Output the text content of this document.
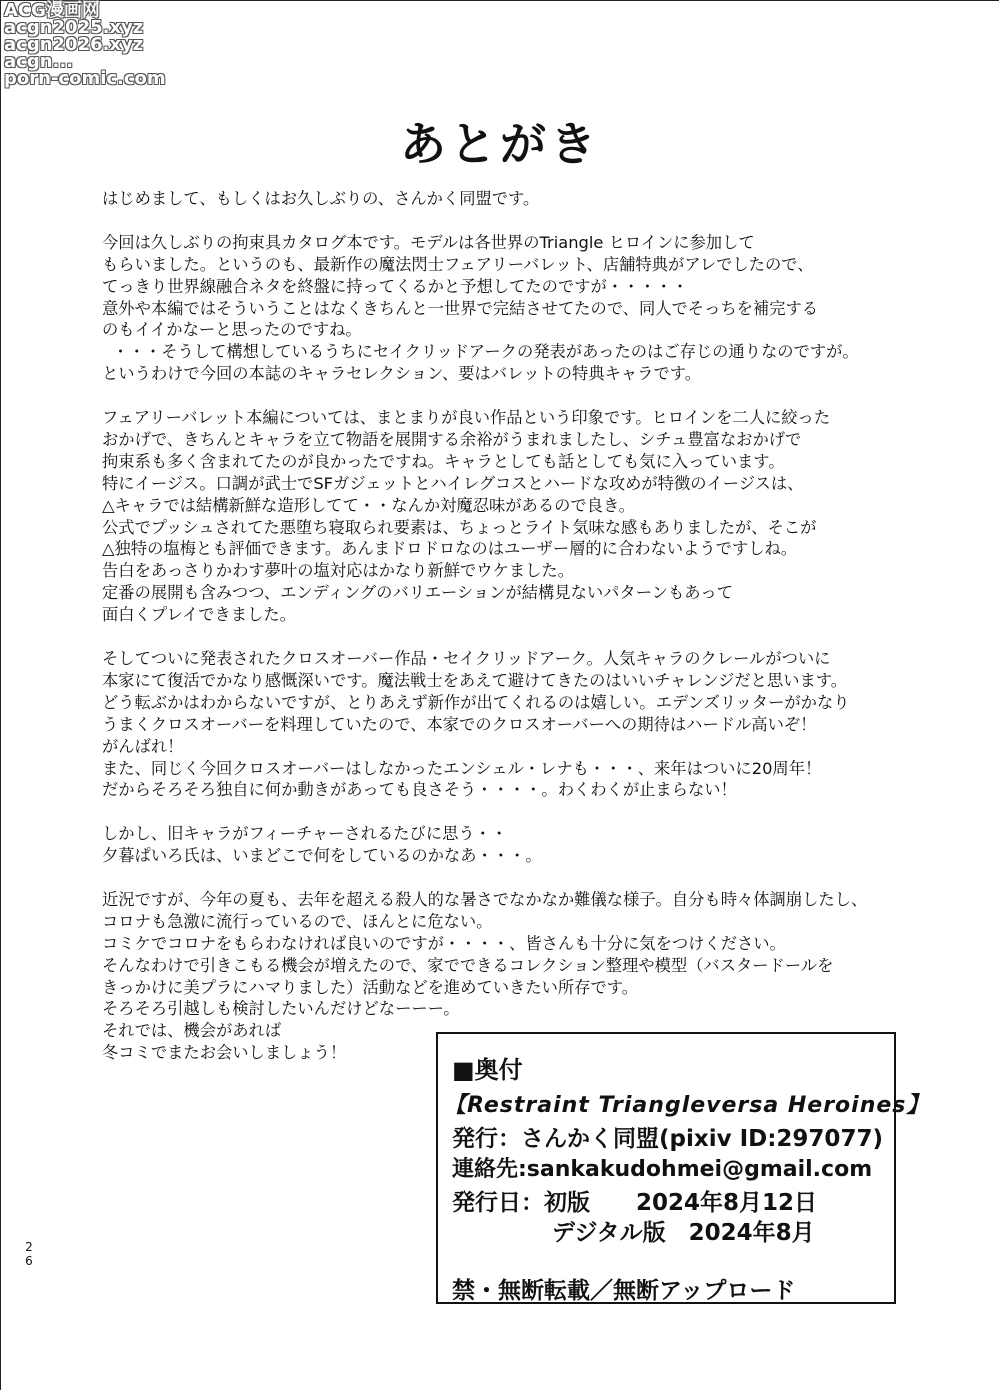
ACG漫画网
acgn2025.xyz
acgn2026.xyz
acgn...
porn-comic.com
あとがき
はじめまして、もしくはお久しぶりの、さんかく同盟です。
今回は久しぶりの拘束具カタログ本です。モデルは各世界のTriangle ヒロインに参加して
もらいました。というのも、最新作の魔法閃士フェアリーバレット、店舗特典がアレでしたので、
てっきり世界線融合ネタを終盤に持ってくるかと予想してたのですが・・・・・
意外や本編ではそういうことはなくきちんと一世界で完結させてたので、同人でそっちを補完する
のもイイかなーと思ったのですね。
・・・そうして構想しているうちにセイクリッドアークの発表があったのはご存じの通りなのですが。
というわけで今回の本誌のキャラセレクション、要はバレットの特典キャラです。
フェアリーバレット本編については、まとまりが良い作品という印象です。ヒロインを二人に絞った
おかげで、きちんとキャラを立て物語を展開する余裕がうまれましたし、シチュ豊富なおかげで
拘束系も多く含まれてたのが良かったですね。キャラとしても話としても気に入っています。
特にイージス。口調が武士でSFガジェットとハイレグコスとハードな攻めが特徴のイージスは、
△キャラでは結構新鮮な造形してて・・なんか対魔忍味があるので良き。
公式でプッシュされてた悪堕ち寝取られ要素は、ちょっとライト気味な感もありましたが、そこが
△独特の塩梅とも評価できます。あんまドロドロなのはユーザー層的に合わないようですしね。
告白をあっさりかわす夢叶の塩対応はかなり新鮮でウケました。
定番の展開も含みつつ、エンディングのバリエーションが結構見ないパターンもあって
面白くプレイできました。
そしてついに発表されたクロスオーバー作品・セイクリッドアーク。人気キャラのクレールがついに
本家にて復活でかなり感慨深いです。魔法戦士をあえて避けてきたのはいいチャレンジだと思います。
どう転ぶかはわからないですが、とりあえず新作が出てくれるのは嬉しい。エデンズリッターがかなり
うまくクロスオーバーを料理していたので、本家でのクロスオーバーへの期待はハードル高いぞ！
がんばれ！
また、同じく今回クロスオーバーはしなかったエンシェル・レナも・・・、来年はついに20周年！
だからそろそろ独自に何か動きがあっても良さそう・・・・。わくわくが止まらない！
しかし、旧キャラがフィーチャーされるたびに思う・・
夕暮ぱいろ氏は、いまどこで何をしているのかなあ・・・。
近況ですが、今年の夏も、去年を超える殺人的な暑さでなかなか難儀な様子。自分も時々体調崩したし、
コロナも急激に流行っているので、ほんとに危ない。
コミケでコロナをもらわなければ良いのですが・・・・、皆さんも十分に気をつけください。
そんなわけで引きこもる機会が増えたので、家でできるコレクション整理や模型（バスタードールを
きっかけに美プラにハマりました）活動などを進めていきたい所存です。
そろそろ引越しも検討したいんだけどなーーー。
それでは、機会があれば
冬コミでまたお会いしましょう！
■奥付
【Restraint Triangleversa Heroines】
発行：さんかく同盟(pixiv ID:297077)
連絡先:sankakudohmei@gmail.com
発行日：初版　　2024年8月12日
デジタル版　2024年8月
禁・無断転載／無断アップロード
2
6
